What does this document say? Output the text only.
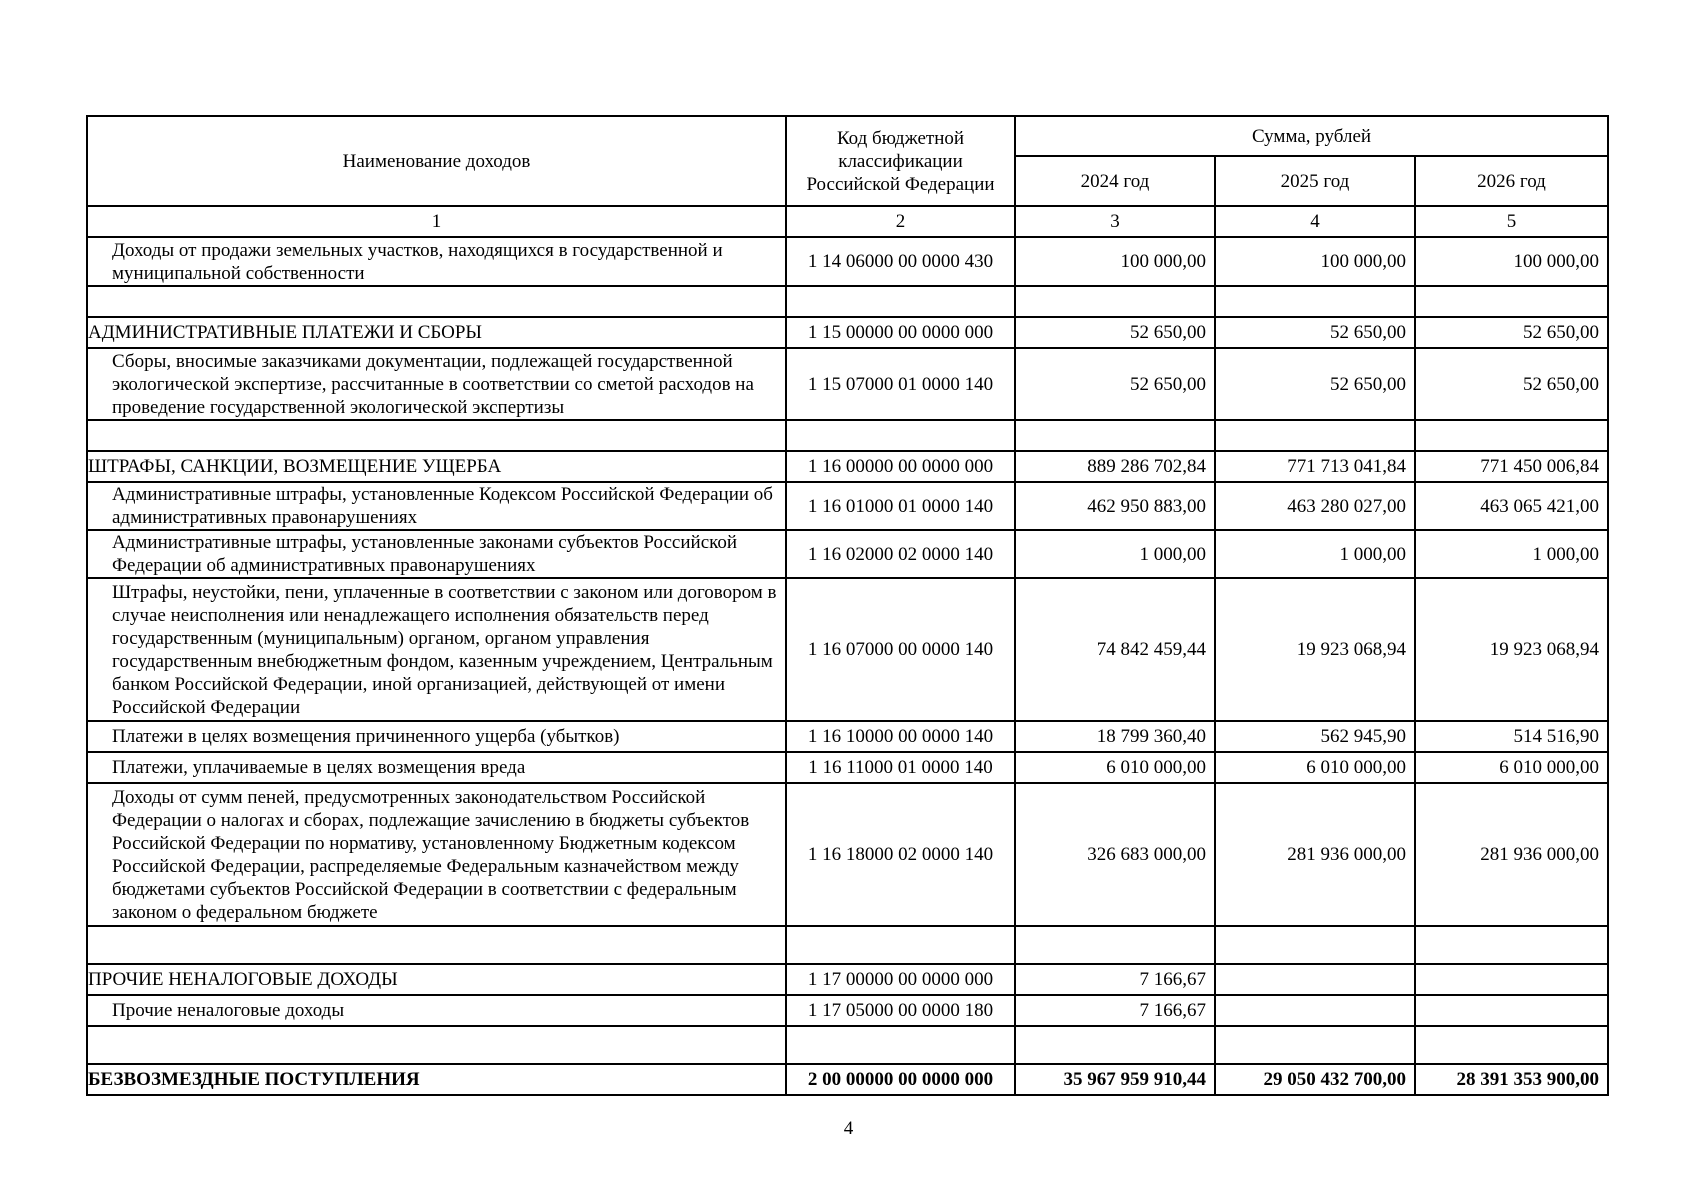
Наименование доходов	Код бюджетной классификации Российской Федерации	Сумма, рублей		
		2024 год	2025 год	2026 год
1	2	3	4	5
Доходы от продажи земельных участков, находящихся в государственной и муниципальной собственности	1 14 06000 00 0000 430	100 000,00	100 000,00	100 000,00

АДМИНИСТРАТИВНЫЕ ПЛАТЕЖИ И СБОРЫ	1 15 00000 00 0000 000	52 650,00	52 650,00	52 650,00
Сборы, вносимые заказчиками документации, подлежащей государственной экологической экспертизе, рассчитанные в соответствии со сметой расходов на проведение государственной экологической экспертизы	1 15 07000 01 0000 140	52 650,00	52 650,00	52 650,00

ШТРАФЫ, САНКЦИИ, ВОЗМЕЩЕНИЕ УЩЕРБА	1 16 00000 00 0000 000	889 286 702,84	771 713 041,84	771 450 006,84
Административные штрафы, установленные Кодексом Российской Федерации об административных правонарушениях	1 16 01000 01 0000 140	462 950 883,00	463 280 027,00	463 065 421,00
Административные штрафы, установленные законами субъектов Российской Федерации об административных правонарушениях	1 16 02000 02 0000 140	1 000,00	1 000,00	1 000,00
Штрафы, неустойки, пени, уплаченные в соответствии с законом или договором в случае неисполнения или ненадлежащего исполнения обязательств перед государственным (муниципальным) органом, органом управления государственным внебюджетным фондом, казенным учреждением, Центральным банком Российской Федерации, иной организацией, действующей от имени Российской Федерации	1 16 07000 00 0000 140	74 842 459,44	19 923 068,94	19 923 068,94
Платежи в целях возмещения причиненного ущерба (убытков)	1 16 10000 00 0000 140	18 799 360,40	562 945,90	514 516,90
Платежи, уплачиваемые в целях возмещения вреда	1 16 11000 01 0000 140	6 010 000,00	6 010 000,00	6 010 000,00
Доходы от сумм пеней, предусмотренных законодательством Российской Федерации о налогах и сборах, подлежащие зачислению в бюджеты субъектов Российской Федерации по нормативу, установленному Бюджетным кодексом Российской Федерации, распределяемые Федеральным казначейством между бюджетами субъектов Российской Федерации в соответствии с федеральным законом о федеральном бюджете	1 16 18000 02 0000 140	326 683 000,00	281 936 000,00	281 936 000,00

ПРОЧИЕ НЕНАЛОГОВЫЕ ДОХОДЫ	1 17 00000 00 0000 000	7 166,67		
Прочие неналоговые доходы	1 17 05000 00 0000 180	7 166,67		

БЕЗВОЗМЕЗДНЫЕ ПОСТУПЛЕНИЯ	2 00 00000 00 0000 000	35 967 959 910,44	29 050 432 700,00	28 391 353 900,00
4
